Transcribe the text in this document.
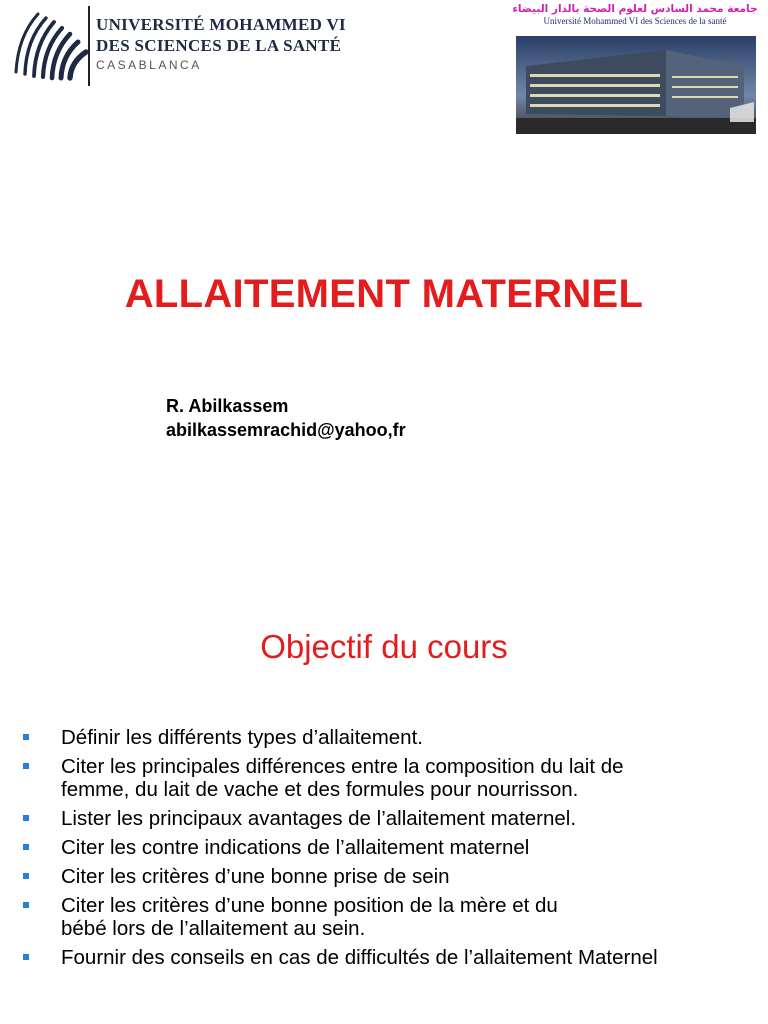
UNIVERSITÉ MOHAMMED VI
DES SCIENCES DE LA SANTÉ
CASABLANCA
جامعة محمد السادس لعلوم الصحة بالدار البيضاء
Université Mohammed VI des Sciences de la santé
ALLAITEMENT MATERNEL
R. Abilkassem
abilkassemrachid@yahoo,fr
Objectif du cours
Définir les différents types d’allaitement.
Citer les principales différences entre la composition du lait de
femme, du lait de vache et des formules pour nourrisson.
Lister les principaux avantages de l’allaitement maternel.
Citer les contre indications de l’allaitement maternel
Citer les critères d’une bonne prise de sein
Citer les critères d’une bonne position de la mère et du
bébé lors de l’allaitement au sein.
Fournir des conseils en cas de difficultés de l’allaitement Maternel
